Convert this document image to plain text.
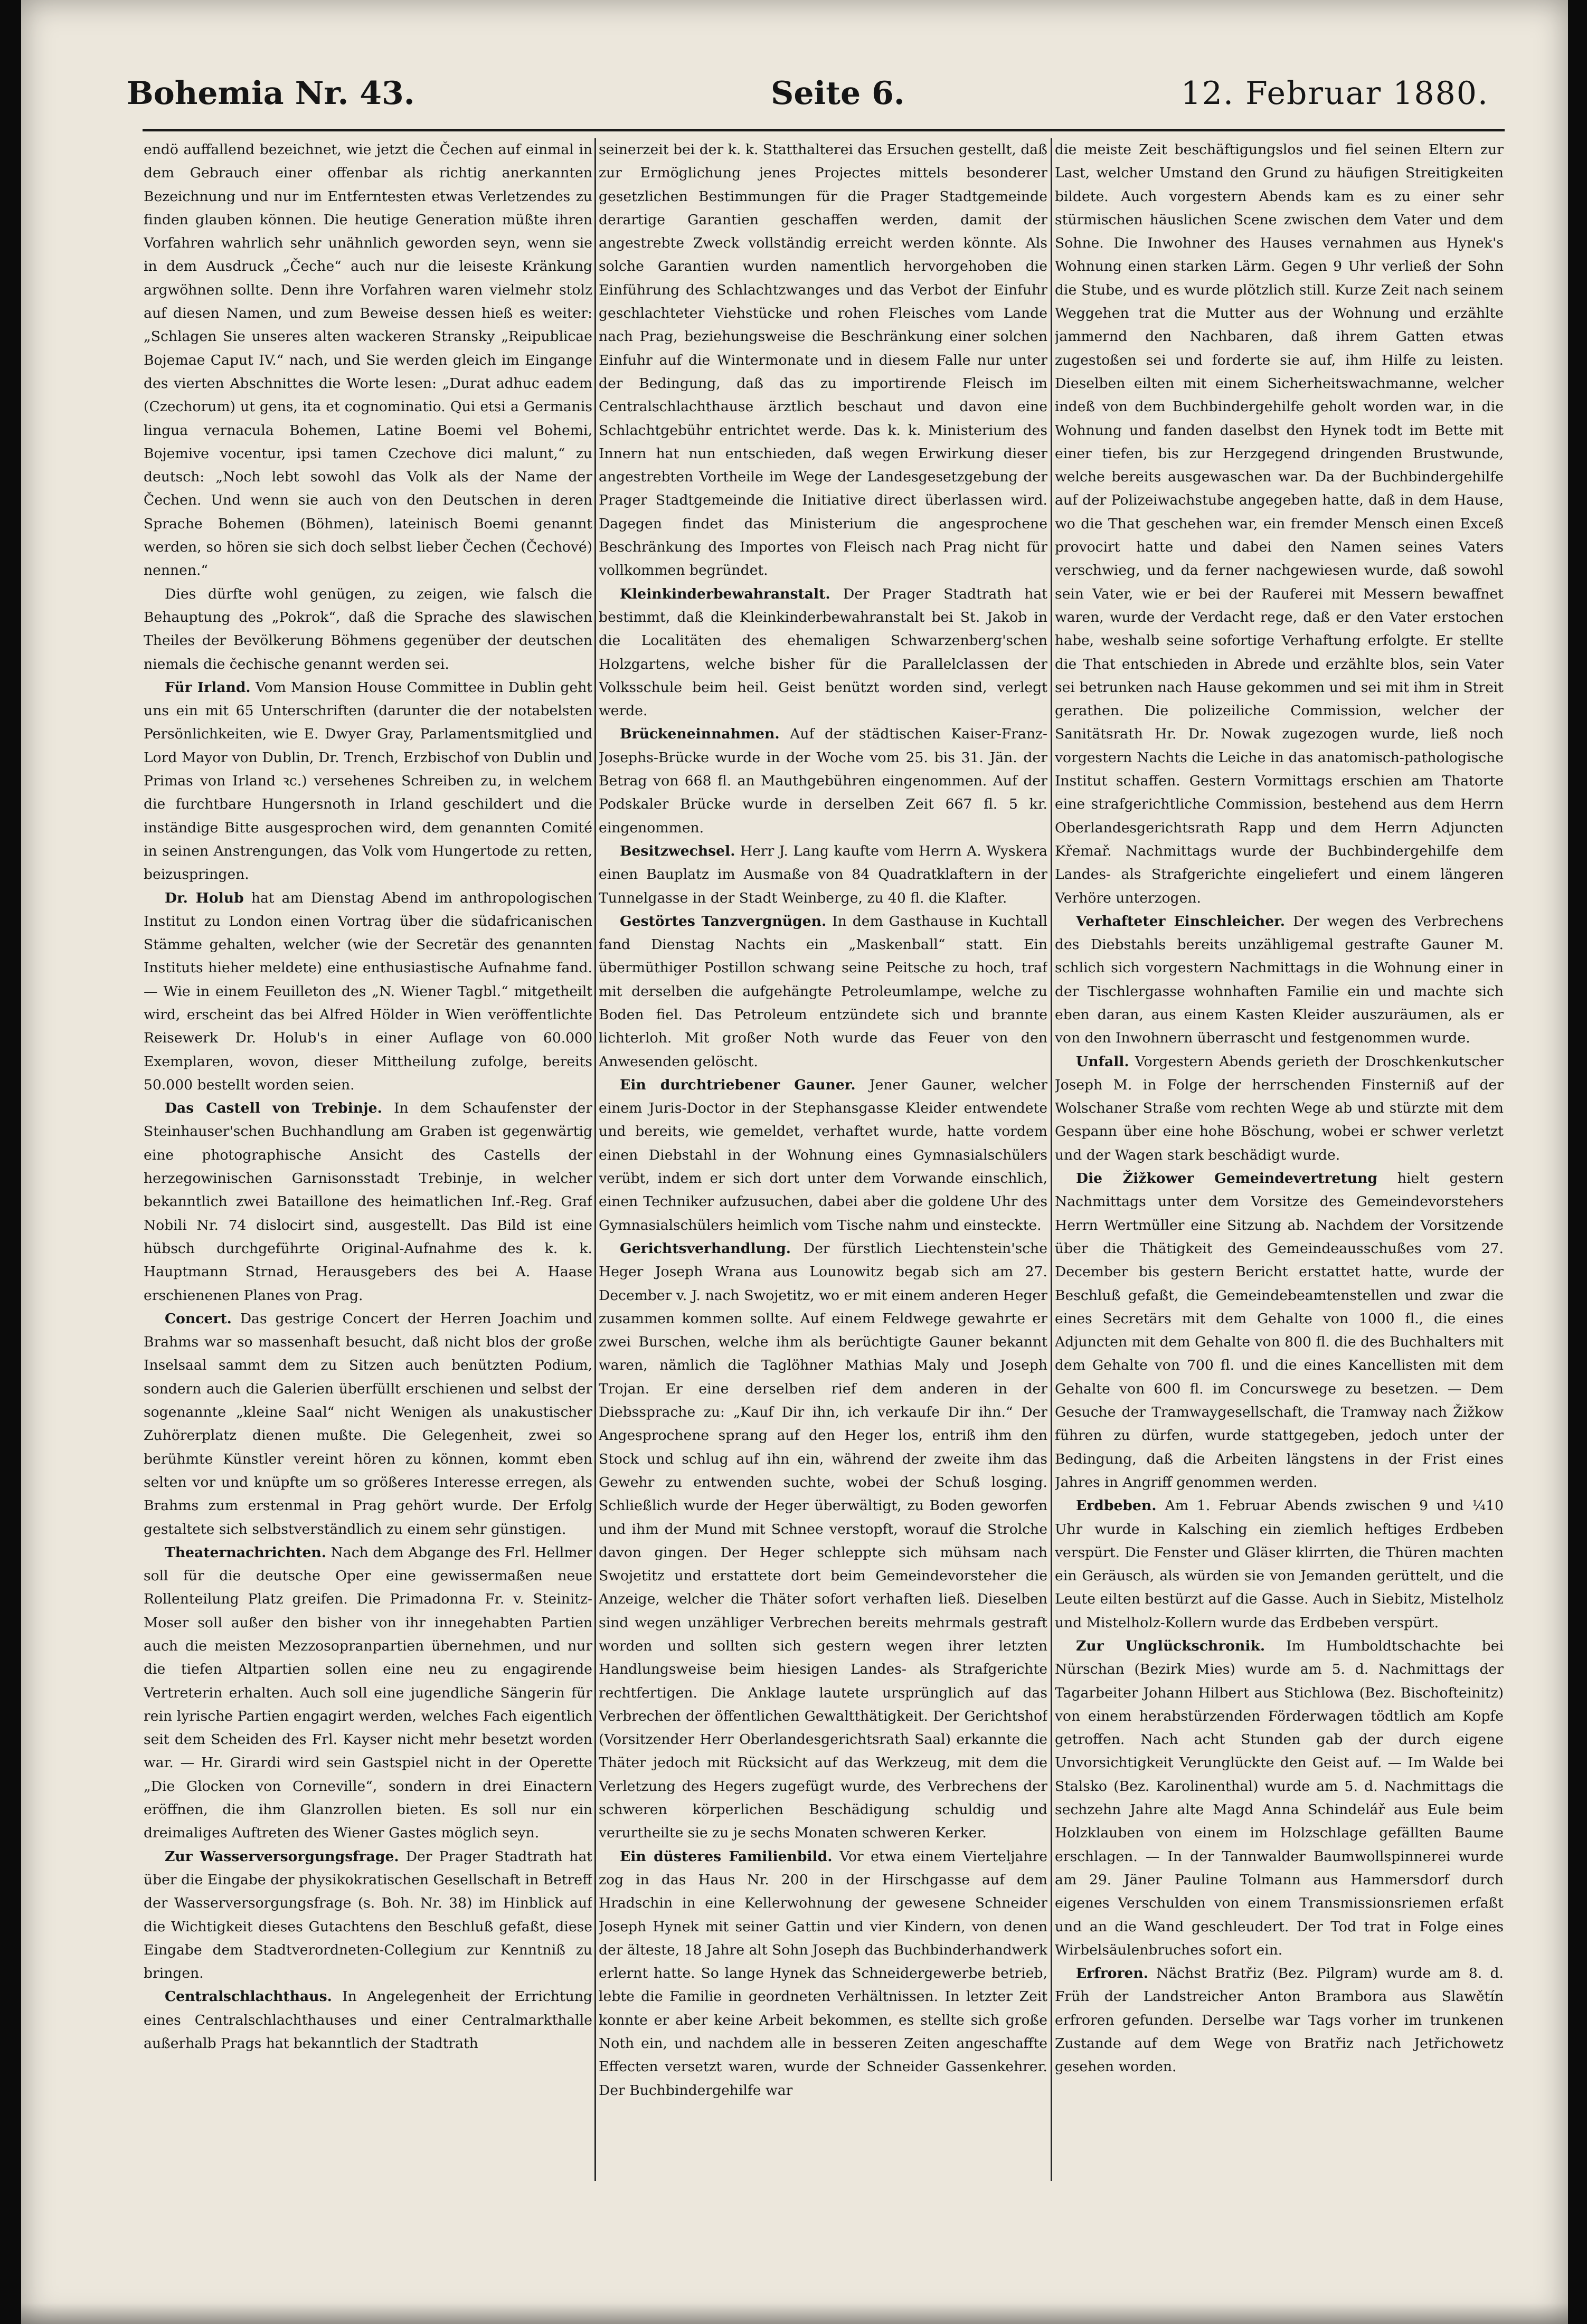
Bohemia Nr. 43.	Seite 6.	12. Februar 1880.

endö auffallend bezeichnet, wie jetzt die Čechen auf einmal in dem Gebrauch einer offenbar als richtig anerkannten Bezeichnung und nur im Entferntesten etwas Verletzendes zu finden glauben können. Die heutige Generation müßte ihren Vorfahren wahrlich sehr unähnlich geworden seyn, wenn sie in dem Ausdruck „Čeche“ auch nur die leiseste Kränkung argwöhnen sollte. Denn ihre Vorfahren waren vielmehr stolz auf diesen Namen, und zum Beweise dessen hieß es weiter: „Schlagen Sie unseres alten wackeren Stransky „Reipublicae Bojemae Caput IV.“ nach, und Sie werden gleich im Eingange des vierten Abschnittes die Worte lesen: „Durat adhuc eadem (Czechorum) ut gens, ita et cognominatio. Qui etsi a Germanis lingua vernacula Bohemen, Latine Boemi vel Bohemi, Bojemive vocentur, ipsi tamen Czechove dici malunt,“ zu deutsch: „Noch lebt sowohl das Volk als der Name der Čechen. Und wenn sie auch von den Deutschen in deren Sprache Bohemen (Böhmen), lateinisch Boemi genannt werden, so hören sie sich doch selbst lieber Čechen (Čechové) nennen.“

Dies dürfte wohl genügen, zu zeigen, wie falsch die Behauptung des „Pokrok“, daß die Sprache des slawischen Theiles der Bevölkerung Böhmens gegenüber der deutschen niemals die čechische genannt werden sei.

Für Irland. Vom Mansion House Committee in Dublin geht uns ein mit 65 Unterschriften (darunter die der notabelsten Persönlichkeiten, wie E. Dwyer Gray, Parlamentsmitglied und Lord Mayor von Dublin, Dr. Trench, Erzbischof von Dublin und Primas von Irland ꝛc.) versehenes Schreiben zu, in welchem die furchtbare Hungersnoth in Irland geschildert und die inständige Bitte ausgesprochen wird, dem genannten Comité in seinen Anstrengungen, das Volk vom Hungertode zu retten, beizuspringen.

Dr. Holub hat am Dienstag Abend im anthropologischen Institut zu London einen Vortrag über die südafricanischen Stämme gehalten, welcher (wie der Secretär des genannten Instituts hieher meldete) eine enthusiastische Aufnahme fand. — Wie in einem Feuilleton des „N. Wiener Tagbl.“ mitgetheilt wird, erscheint das bei Alfred Hölder in Wien veröffentlichte Reisewerk Dr. Holub's in einer Auflage von 60.000 Exemplaren, wovon, dieser Mittheilung zufolge, bereits 50.000 bestellt worden seien.

Das Castell von Trebinje. In dem Schaufenster der Steinhauser'schen Buchhandlung am Graben ist gegenwärtig eine photographische Ansicht des Castells der herzegowinischen Garnisonsstadt Trebinje, in welcher bekanntlich zwei Bataillone des heimatlichen Inf.-Reg. Graf Nobili Nr. 74 dislocirt sind, ausgestellt. Das Bild ist eine hübsch durchgeführte Original-Aufnahme des k. k. Hauptmann Strnad, Herausgebers des bei A. Haase erschienenen Planes von Prag.

Concert. Das gestrige Concert der Herren Joachim und Brahms war so massenhaft besucht, daß nicht blos der große Inselsaal sammt dem zu Sitzen auch benützten Podium, sondern auch die Galerien überfüllt erschienen und selbst der sogenannte „kleine Saal“ nicht Wenigen als unakustischer Zuhörerplatz dienen mußte. Die Gelegenheit, zwei so berühmte Künstler vereint hören zu können, kommt eben selten vor und knüpfte um so größeres Interesse erregen, als Brahms zum erstenmal in Prag gehört wurde. Der Erfolg gestaltete sich selbstverständlich zu einem sehr günstigen.

Theaternachrichten. Nach dem Abgange des Frl. Hellmer soll für die deutsche Oper eine gewissermaßen neue Rollenteilung Platz greifen. Die Primadonna Fr. v. Steinitz-Moser soll außer den bisher von ihr innegehabten Partien auch die meisten Mezzosopranpartien übernehmen, und nur die tiefen Altpartien sollen eine neu zu engagirende Vertreterin erhalten. Auch soll eine jugendliche Sängerin für rein lyrische Partien engagirt werden, welches Fach eigentlich seit dem Scheiden des Frl. Kayser nicht mehr besetzt worden war. — Hr. Girardi wird sein Gastspiel nicht in der Operette „Die Glocken von Corneville“, sondern in drei Einactern eröffnen, die ihm Glanzrollen bieten. Es soll nur ein dreimaliges Auftreten des Wiener Gastes möglich seyn.

Zur Wasserversorgungsfrage. Der Prager Stadtrath hat über die Eingabe der physikokratischen Gesellschaft in Betreff der Wasserversorgungsfrage (s. Boh. Nr. 38) im Hinblick auf die Wichtigkeit dieses Gutachtens den Beschluß gefaßt, diese Eingabe dem Stadtverordneten-Collegium zur Kenntniß zu bringen.

Centralschlachthaus. In Angelegenheit der Errichtung eines Centralschlachthauses und einer Centralmarkthalle außerhalb Prags hat bekanntlich der Stadtrath

seinerzeit bei der k. k. Statthalterei das Ersuchen gestellt, daß zur Ermöglichung jenes Projectes mittels besonderer gesetzlichen Bestimmungen für die Prager Stadtgemeinde derartige Garantien geschaffen werden, damit der angestrebte Zweck vollständig erreicht werden könnte. Als solche Garantien wurden namentlich hervorgehoben die Einführung des Schlachtzwanges und das Verbot der Einfuhr geschlachteter Viehstücke und rohen Fleisches vom Lande nach Prag, beziehungsweise die Beschränkung einer solchen Einfuhr auf die Wintermonate und in diesem Falle nur unter der Bedingung, daß das zu importirende Fleisch im Centralschlachthause ärztlich beschaut und davon eine Schlachtgebühr entrichtet werde. Das k. k. Ministerium des Innern hat nun entschieden, daß wegen Erwirkung dieser angestrebten Vortheile im Wege der Landesgesetzgebung der Prager Stadtgemeinde die Initiative direct überlassen wird. Dagegen findet das Ministerium die angesprochene Beschränkung des Importes von Fleisch nach Prag nicht für vollkommen begründet.

Kleinkinderbewahranstalt. Der Prager Stadtrath hat bestimmt, daß die Kleinkinderbewahranstalt bei St. Jakob in die Localitäten des ehemaligen Schwarzenberg'schen Holzgartens, welche bisher für die Parallelclassen der Volksschule beim heil. Geist benützt worden sind, verlegt werde.

Brückeneinnahmen. Auf der städtischen Kaiser-Franz-Josephs-Brücke wurde in der Woche vom 25. bis 31. Jän. der Betrag von 668 fl. an Mauthgebühren eingenommen. Auf der Podskaler Brücke wurde in derselben Zeit 667 fl. 5 kr. eingenommen.

Besitzwechsel. Herr J. Lang kaufte vom Herrn A. Wyskera einen Bauplatz im Ausmaße von 84 Quadratklaftern in der Tunnelgasse in der Stadt Weinberge, zu 40 fl. die Klafter.

Gestörtes Tanzvergnügen. In dem Gasthause in Kuchtall fand Dienstag Nachts ein „Maskenball“ statt. Ein übermüthiger Postillon schwang seine Peitsche zu hoch, traf mit derselben die aufgehängte Petroleumlampe, welche zu Boden fiel. Das Petroleum entzündete sich und brannte lichterloh. Mit großer Noth wurde das Feuer von den Anwesenden gelöscht.

Ein durchtriebener Gauner. Jener Gauner, welcher einem Juris-Doctor in der Stephansgasse Kleider entwendete und bereits, wie gemeldet, verhaftet wurde, hatte vordem einen Diebstahl in der Wohnung eines Gymnasialschülers verübt, indem er sich dort unter dem Vorwande einschlich, einen Techniker aufzusuchen, dabei aber die goldene Uhr des Gymnasialschülers heimlich vom Tische nahm und einsteckte.

Gerichtsverhandlung. Der fürstlich Liechtenstein'sche Heger Joseph Wrana aus Lounowitz begab sich am 27. December v. J. nach Swojetitz, wo er mit einem anderen Heger zusammen kommen sollte. Auf einem Feldwege gewahrte er zwei Burschen, welche ihm als berüchtigte Gauner bekannt waren, nämlich die Taglöhner Mathias Maly und Joseph Trojan. Er eine derselben rief dem anderen in der Diebssprache zu: „Kauf Dir ihn, ich verkaufe Dir ihn.“ Der Angesprochene sprang auf den Heger los, entriß ihm den Stock und schlug auf ihn ein, während der zweite ihm das Gewehr zu entwenden suchte, wobei der Schuß losging. Schließlich wurde der Heger überwältigt, zu Boden geworfen und ihm der Mund mit Schnee verstopft, worauf die Strolche davon gingen. Der Heger schleppte sich mühsam nach Swojetitz und erstattete dort beim Gemeindevorsteher die Anzeige, welcher die Thäter sofort verhaften ließ. Dieselben sind wegen unzähliger Verbrechen bereits mehrmals gestraft worden und sollten sich gestern wegen ihrer letzten Handlungsweise beim hiesigen Landes- als Strafgerichte rechtfertigen. Die Anklage lautete ursprünglich auf das Verbrechen der öffentlichen Gewaltthätigkeit. Der Gerichtshof (Vorsitzender Herr Oberlandesgerichtsrath Saal) erkannte die Thäter jedoch mit Rücksicht auf das Werkzeug, mit dem die Verletzung des Hegers zugefügt wurde, des Verbrechens der schweren körperlichen Beschädigung schuldig und verurtheilte sie zu je sechs Monaten schweren Kerker.

Ein düsteres Familienbild. Vor etwa einem Vierteljahre zog in das Haus Nr. 200 in der Hirschgasse auf dem Hradschin in eine Kellerwohnung der gewesene Schneider Joseph Hynek mit seiner Gattin und vier Kindern, von denen der älteste, 18 Jahre alt Sohn Joseph das Buchbinderhandwerk erlernt hatte. So lange Hynek das Schneidergewerbe betrieb, lebte die Familie in geordneten Verhältnissen. In letzter Zeit konnte er aber keine Arbeit bekommen, es stellte sich große Noth ein, und nachdem alle in besseren Zeiten angeschaffte Effecten versetzt waren, wurde der Schneider Gassenkehrer. Der Buchbindergehilfe war

die meiste Zeit beschäftigungslos und fiel seinen Eltern zur Last, welcher Umstand den Grund zu häufigen Streitigkeiten bildete. Auch vorgestern Abends kam es zu einer sehr stürmischen häuslichen Scene zwischen dem Vater und dem Sohne. Die Inwohner des Hauses vernahmen aus Hynek's Wohnung einen starken Lärm. Gegen 9 Uhr verließ der Sohn die Stube, und es wurde plötzlich still. Kurze Zeit nach seinem Weggehen trat die Mutter aus der Wohnung und erzählte jammernd den Nachbaren, daß ihrem Gatten etwas zugestoßen sei und forderte sie auf, ihm Hilfe zu leisten. Dieselben eilten mit einem Sicherheitswachmanne, welcher indeß von dem Buchbindergehilfe geholt worden war, in die Wohnung und fanden daselbst den Hynek todt im Bette mit einer tiefen, bis zur Herzgegend dringenden Brustwunde, welche bereits ausgewaschen war. Da der Buchbindergehilfe auf der Polizeiwachstube angegeben hatte, daß in dem Hause, wo die That geschehen war, ein fremder Mensch einen Exceß provocirt hatte und dabei den Namen seines Vaters verschwieg, und da ferner nachgewiesen wurde, daß sowohl sein Vater, wie er bei der Rauferei mit Messern bewaffnet waren, wurde der Verdacht rege, daß er den Vater erstochen habe, weshalb seine sofortige Verhaftung erfolgte. Er stellte die That entschieden in Abrede und erzählte blos, sein Vater sei betrunken nach Hause gekommen und sei mit ihm in Streit gerathen. Die polizeiliche Commission, welcher der Sanitätsrath Hr. Dr. Nowak zugezogen wurde, ließ noch vorgestern Nachts die Leiche in das anatomisch-pathologische Institut schaffen. Gestern Vormittags erschien am Thatorte eine strafgerichtliche Commission, bestehend aus dem Herrn Oberlandesgerichtsrath Rapp und dem Herrn Adjuncten Křemař. Nachmittags wurde der Buchbindergehilfe dem Landes- als Strafgerichte eingeliefert und einem längeren Verhöre unterzogen.

Verhafteter Einschleicher. Der wegen des Verbrechens des Diebstahls bereits unzähligemal gestrafte Gauner M. schlich sich vorgestern Nachmittags in die Wohnung einer in der Tischlergasse wohnhaften Familie ein und machte sich eben daran, aus einem Kasten Kleider auszuräumen, als er von den Inwohnern überrascht und festgenommen wurde.

Unfall. Vorgestern Abends gerieth der Droschkenkutscher Joseph M. in Folge der herrschenden Finsterniß auf der Wolschaner Straße vom rechten Wege ab und stürzte mit dem Gespann über eine hohe Böschung, wobei er schwer verletzt und der Wagen stark beschädigt wurde.

Die Žižkower Gemeindevertretung hielt gestern Nachmittags unter dem Vorsitze des Gemeindevorstehers Herrn Wertmüller eine Sitzung ab. Nachdem der Vorsitzende über die Thätigkeit des Gemeindeausschußes vom 27. December bis gestern Bericht erstattet hatte, wurde der Beschluß gefaßt, die Gemeindebeamtenstellen und zwar die eines Secretärs mit dem Gehalte von 1000 fl., die eines Adjuncten mit dem Gehalte von 800 fl. die des Buchhalters mit dem Gehalte von 700 fl. und die eines Kancellisten mit dem Gehalte von 600 fl. im Concurswege zu besetzen. — Dem Gesuche der Tramwaygesellschaft, die Tramway nach Žižkow führen zu dürfen, wurde stattgegeben, jedoch unter der Bedingung, daß die Arbeiten längstens in der Frist eines Jahres in Angriff genommen werden.

Erdbeben. Am 1. Februar Abends zwischen 9 und ¼10 Uhr wurde in Kalsching ein ziemlich heftiges Erdbeben verspürt. Die Fenster und Gläser klirrten, die Thüren machten ein Geräusch, als würden sie von Jemanden gerüttelt, und die Leute eilten bestürzt auf die Gasse. Auch in Siebitz, Mistelholz und Mistelholz-Kollern wurde das Erdbeben verspürt.

Zur Unglückschronik. Im Humboldtschachte bei Nürschan (Bezirk Mies) wurde am 5. d. Nachmittags der Tagarbeiter Johann Hilbert aus Stichlowa (Bez. Bischofteinitz) von einem herabstürzenden Förderwagen tödtlich am Kopfe getroffen. Nach acht Stunden gab der durch eigene Unvorsichtigkeit Verunglückte den Geist auf. — Im Walde bei Stalsko (Bez. Karolinenthal) wurde am 5. d. Nachmittags die sechzehn Jahre alte Magd Anna Schindelář aus Eule beim Holzklauben von einem im Holzschlage gefällten Baume erschlagen. — In der Tannwalder Baumwollspinnerei wurde am 29. Jäner Pauline Tolmann aus Hammersdorf durch eigenes Verschulden von einem Transmissionsriemen erfaßt und an die Wand geschleudert. Der Tod trat in Folge eines Wirbelsäulenbruches sofort ein.

Erfroren. Nächst Bratřiz (Bez. Pilgram) wurde am 8. d. Früh der Landstreicher Anton Brambora aus Slawětín erfroren gefunden. Derselbe war Tags vorher im trunkenen Zustande auf dem Wege von Bratřiz nach Jetřichowetz gesehen worden.
